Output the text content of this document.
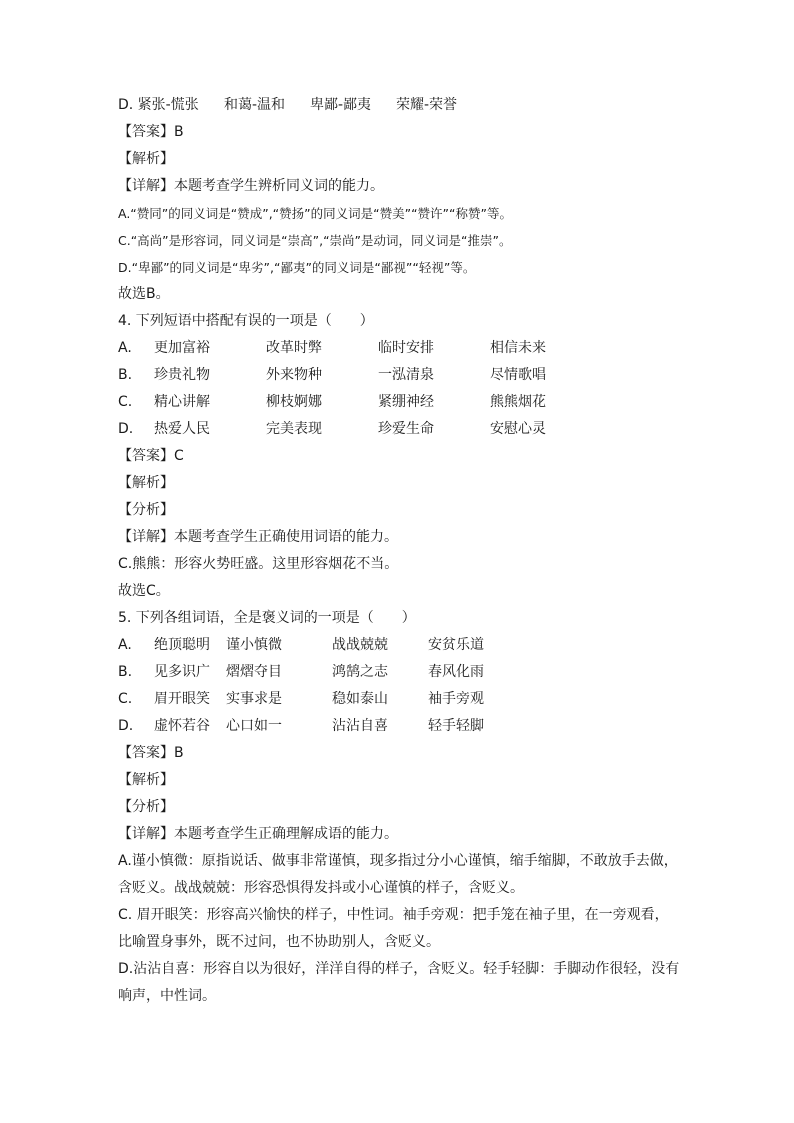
D. 紧张-慌张	和蔼-温和	卑鄙-鄙夷	荣耀-荣誉
【答案】B
【解析】
【详解】本题考查学生辨析同义词的能力。
A.“赞同”的同义词是“赞成”,“赞扬”的同义词是“赞美”“赞许”“称赞”等。
C.“高尚”是形容词，同义词是“崇高”,“崇尚”是动词，同义词是“推崇”。
D.“卑鄙”的同义词是“卑劣”,“鄙夷”的同义词是“鄙视”“轻视”等。
故选B。
4. 下列短语中搭配有误的一项是（　　）
A.	更加富裕	改革时弊	临时安排	相信未来
B.	珍贵礼物	外来物种	一泓清泉	尽情歌唱
C.	精心讲解	柳枝婀娜	紧绷神经	熊熊烟花
D.	热爱人民	完美表现	珍爱生命	安慰心灵
【答案】C
【解析】
【分析】
【详解】本题考查学生正确使用词语的能力。
C.熊熊：形容火势旺盛。这里形容烟花不当。
故选C。
5. 下列各组词语，全是褒义词的一项是（　　）
A.	绝顶聪明	谨小慎微	战战兢兢	安贫乐道
B.	见多识广	熠熠夺目	鸿鹄之志	春风化雨
C.	眉开眼笑	实事求是	稳如泰山	袖手旁观
D.	虚怀若谷	心口如一	沾沾自喜	轻手轻脚
【答案】B
【解析】
【分析】
【详解】本题考查学生正确理解成语的能力。
A.谨小慎微：原指说话、做事非常谨慎，现多指过分小心谨慎，缩手缩脚，不敢放手去做，
含贬义。战战兢兢：形容恐惧得发抖或小心谨慎的样子，含贬义。
C. 眉开眼笑：形容高兴愉快的样子，中性词。袖手旁观：把手笼在袖子里，在一旁观看，
比喻置身事外，既不过问，也不协助别人，含贬义。
D.沾沾自喜：形容自以为很好，洋洋自得的样子，含贬义。轻手轻脚：手脚动作很轻，没有
响声，中性词。
